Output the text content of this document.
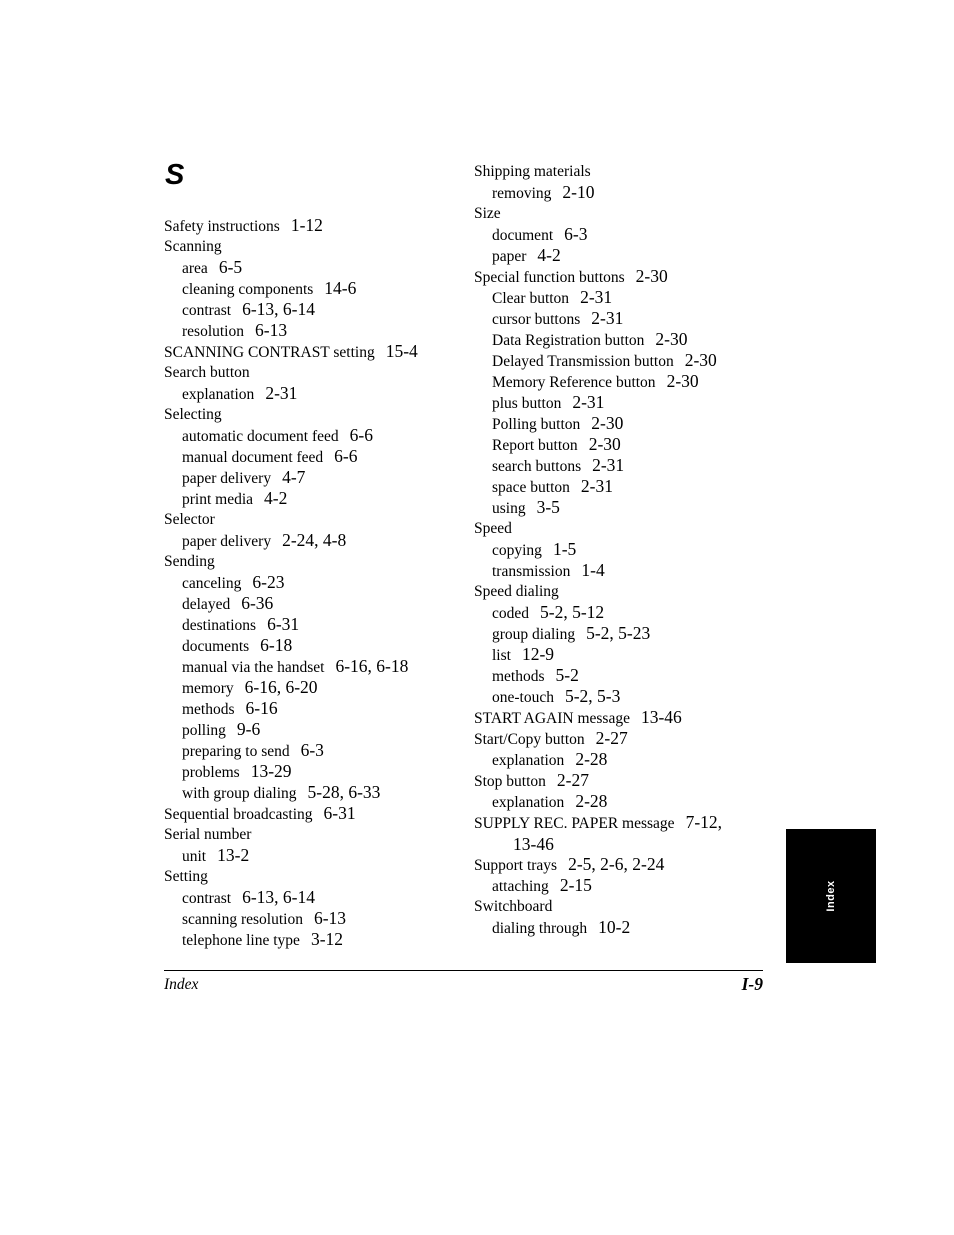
S
Safety instructions 1-12
Scanning
area 6-5
cleaning components 14-6
contrast 6-13, 6-14
resolution 6-13
SCANNING CONTRAST setting 15-4
Search button
explanation 2-31
Selecting
automatic document feed 6-6
manual document feed 6-6
paper delivery 4-7
print media 4-2
Selector
paper delivery 2-24, 4-8
Sending
canceling 6-23
delayed 6-36
destinations 6-31
documents 6-18
manual via the handset 6-16, 6-18
memory 6-16, 6-20
methods 6-16
polling 9-6
preparing to send 6-3
problems 13-29
with group dialing 5-28, 6-33
Sequential broadcasting 6-31
Serial number
unit 13-2
Setting
contrast 6-13, 6-14
scanning resolution 6-13
telephone line type 3-12
Shipping materials
removing 2-10
Size
document 6-3
paper 4-2
Special function buttons 2-30
Clear button 2-31
cursor buttons 2-31
Data Registration button 2-30
Delayed Transmission button 2-30
Memory Reference button 2-30
plus button 2-31
Polling button 2-30
Report button 2-30
search buttons 2-31
space button 2-31
using 3-5
Speed
copying 1-5
transmission 1-4
Speed dialing
coded 5-2, 5-12
group dialing 5-2, 5-23
list 12-9
methods 5-2
one-touch 5-2, 5-3
START AGAIN message 13-46
Start/Copy button 2-27
explanation 2-28
Stop button 2-27
explanation 2-28
SUPPLY REC. PAPER message 7-12,
13-46
Support trays 2-5, 2-6, 2-24
attaching 2-15
Switchboard
dialing through 10-2
Index
Index	I-9
